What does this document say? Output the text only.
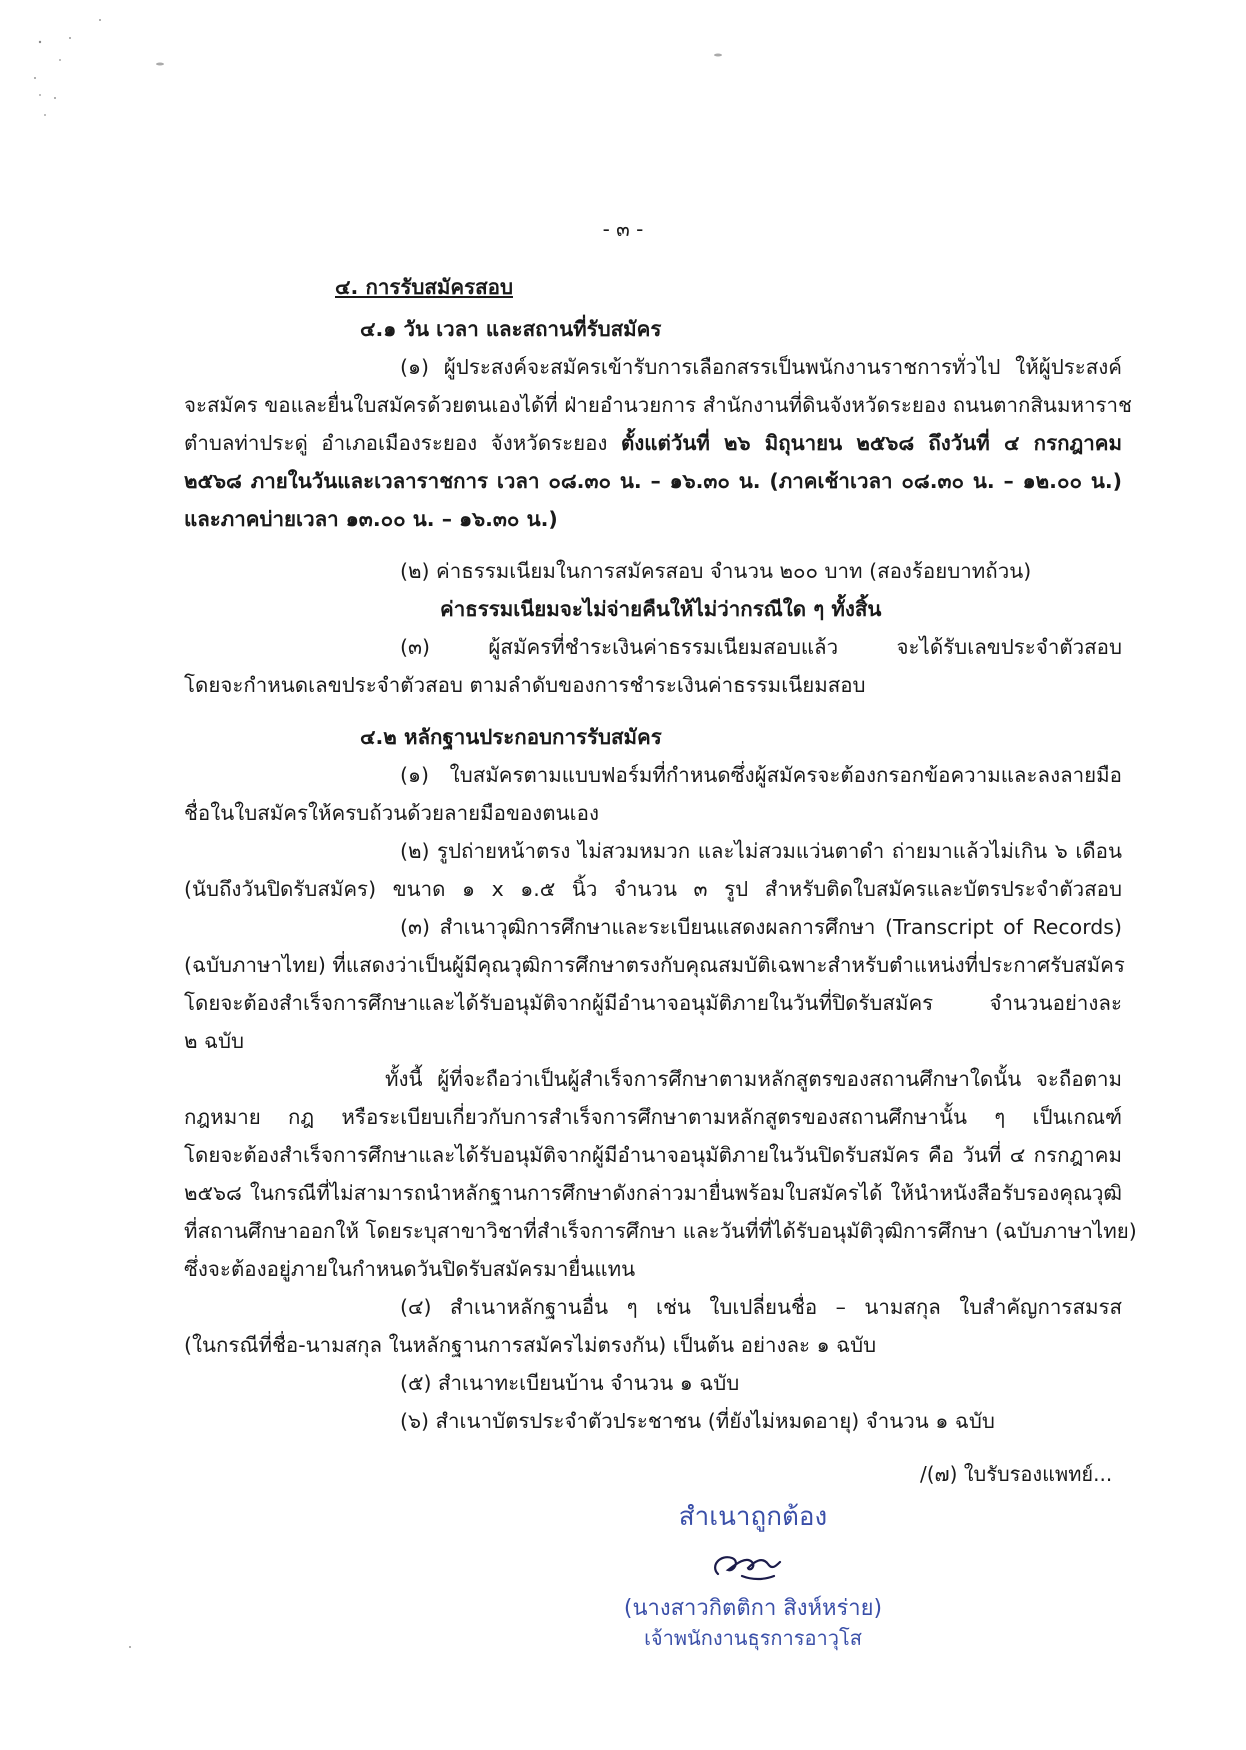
- ๓ -
๔. การรับสมัครสอบ
๔.๑ วัน เวลา และสถานที่รับสมัคร
(๑) ผู้ประสงค์จะสมัครเข้ารับการเลือกสรรเป็นพนักงานราชการทั่วไป ให้ผู้ประสงค์
จะสมัคร ขอและยื่นใบสมัครด้วยตนเองได้ที่ ฝ่ายอำนวยการ สำนักงานที่ดินจังหวัดระยอง ถนนตากสินมหาราช
ตำบลท่าประดู่ อำเภอเมืองระยอง จังหวัดระยอง ตั้งแต่วันที่ ๒๖ มิถุนายน ๒๕๖๘ ถึงวันที่ ๔ กรกฎาคม
๒๕๖๘ ภายในวันและเวลาราชการ เวลา ๐๘.๓๐ น. – ๑๖.๓๐ น. (ภาคเช้าเวลา ๐๘.๓๐ น. – ๑๒.๐๐ น.)
และภาคบ่ายเวลา ๑๓.๐๐ น. – ๑๖.๓๐ น.)
(๒) ค่าธรรมเนียมในการสมัครสอบ จำนวน ๒๐๐ บาท (สองร้อยบาทถ้วน)
ค่าธรรมเนียมจะไม่จ่ายคืนให้ไม่ว่ากรณีใด ๆ ทั้งสิ้น
(๓) ผู้สมัครที่ชำระเงินค่าธรรมเนียมสอบแล้ว จะได้รับเลขประจำตัวสอบ
โดยจะกำหนดเลขประจำตัวสอบ ตามลำดับของการชำระเงินค่าธรรมเนียมสอบ
๔.๒ หลักฐานประกอบการรับสมัคร
(๑) ใบสมัครตามแบบฟอร์มที่กำหนดซึ่งผู้สมัครจะต้องกรอกข้อความและลงลายมือ
ชื่อในใบสมัครให้ครบถ้วนด้วยลายมือของตนเอง
(๒) รูปถ่ายหน้าตรง ไม่สวมหมวก และไม่สวมแว่นตาดำ ถ่ายมาแล้วไม่เกิน ๖ เดือน
(นับถึงวันปิดรับสมัคร) ขนาด ๑ x ๑.๕ นิ้ว จำนวน ๓ รูป สำหรับติดใบสมัครและบัตรประจำตัวสอบ
(๓) สำเนาวุฒิการศึกษาและระเบียนแสดงผลการศึกษา (Transcript of Records)
(ฉบับภาษาไทย) ที่แสดงว่าเป็นผู้มีคุณวุฒิการศึกษาตรงกับคุณสมบัติเฉพาะสำหรับตำแหน่งที่ประกาศรับสมัคร
โดยจะต้องสำเร็จการศึกษาและได้รับอนุมัติจากผู้มีอำนาจอนุมัติภายในวันที่ปิดรับสมัคร จำนวนอย่างละ
๒ ฉบับ
ทั้งนี้ ผู้ที่จะถือว่าเป็นผู้สำเร็จการศึกษาตามหลักสูตรของสถานศึกษาใดนั้น จะถือตาม
กฎหมาย กฎ หรือระเบียบเกี่ยวกับการสำเร็จการศึกษาตามหลักสูตรของสถานศึกษานั้น ๆ เป็นเกณฑ์
โดยจะต้องสำเร็จการศึกษาและได้รับอนุมัติจากผู้มีอำนาจอนุมัติภายในวันปิดรับสมัคร คือ วันที่ ๔ กรกฎาคม
๒๕๖๘ ในกรณีที่ไม่สามารถนำหลักฐานการศึกษาดังกล่าวมายื่นพร้อมใบสมัครได้ ให้นำหนังสือรับรองคุณวุฒิ
ที่สถานศึกษาออกให้ โดยระบุสาขาวิชาที่สำเร็จการศึกษา และวันที่ที่ได้รับอนุมัติวุฒิการศึกษา (ฉบับภาษาไทย)
ซึ่งจะต้องอยู่ภายในกำหนดวันปิดรับสมัครมายื่นแทน
(๔) สำเนาหลักฐานอื่น ๆ เช่น ใบเปลี่ยนชื่อ – นามสกุล ใบสำคัญการสมรส
(ในกรณีที่ชื่อ-นามสกุล ในหลักฐานการสมัครไม่ตรงกัน) เป็นต้น อย่างละ ๑ ฉบับ
(๕) สำเนาทะเบียนบ้าน จำนวน ๑ ฉบับ
(๖) สำเนาบัตรประจำตัวประชาชน (ที่ยังไม่หมดอายุ) จำนวน ๑ ฉบับ
/(๗) ใบรับรองแพทย์...
สำเนาถูกต้อง
(นางสาวกิตติกา สิงห์หร่าย)
เจ้าพนักงานธุรการอาวุโส
